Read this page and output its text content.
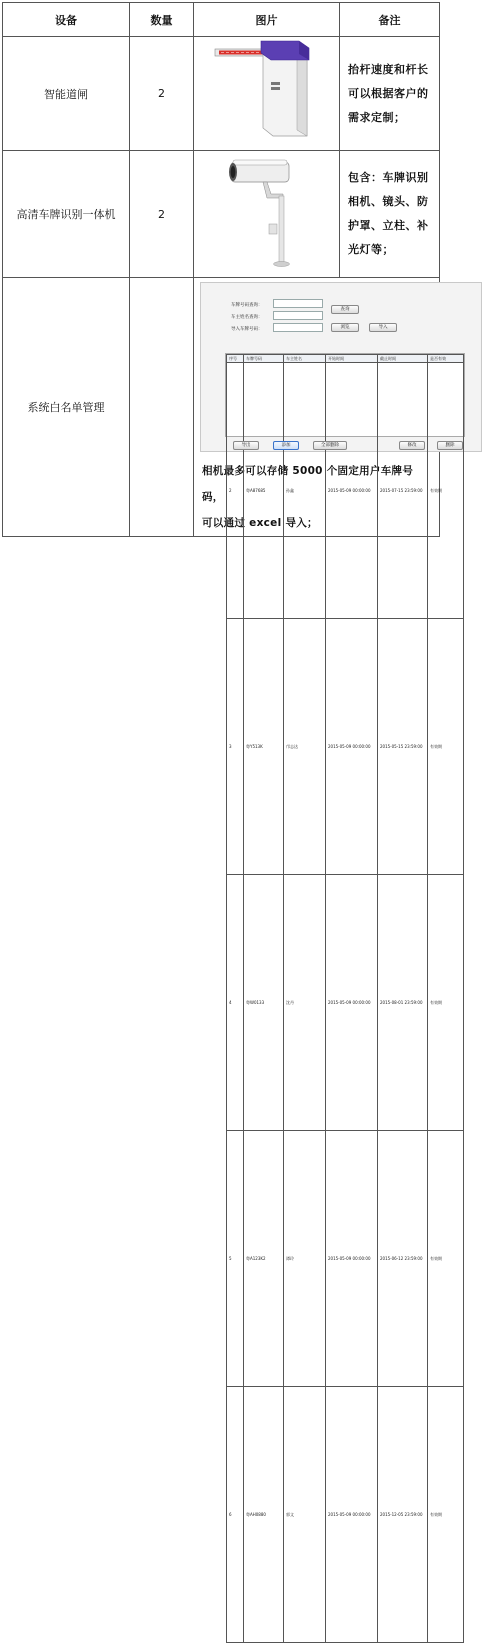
设备	数量	图片	备注
智能道闸	2		抬杆速度和杆长可以根据客户的需求定制；
高清车牌识别一体机	2		包含：车牌识别相机、镜头、防护罩、立柱、补光灯等；
系统白名单管理		
车牌号码查询：
车主姓名查询：
查询
导入车牌号码：	浏览	导入
序号	车牌号码	车主姓名	开始时间	截止时间	是否有效
2	粤A87685	孙鑫	2015-05-09 00:00:00	2015-07-15 23:59:00	有效期
3	粤Y513K	邝志达	2015-05-09 00:00:00	2015-05-15 23:59:00	有效期
4	粤W0133	沈丹	2015-05-09 00:00:00	2015-08-01 23:59:00	有效期
5	粤A123K2	谭玲	2015-05-09 00:00:00	2015-06-12 23:59:00	有效期
6	粤AH0880	郭文	2015-05-09 00:00:00	2015-12-05 23:59:00	有效期
导出	添加	全部删除	修改	删除
相机最多可以存储 5000 个固定用户车牌号码，
可以通过 excel 导入；
